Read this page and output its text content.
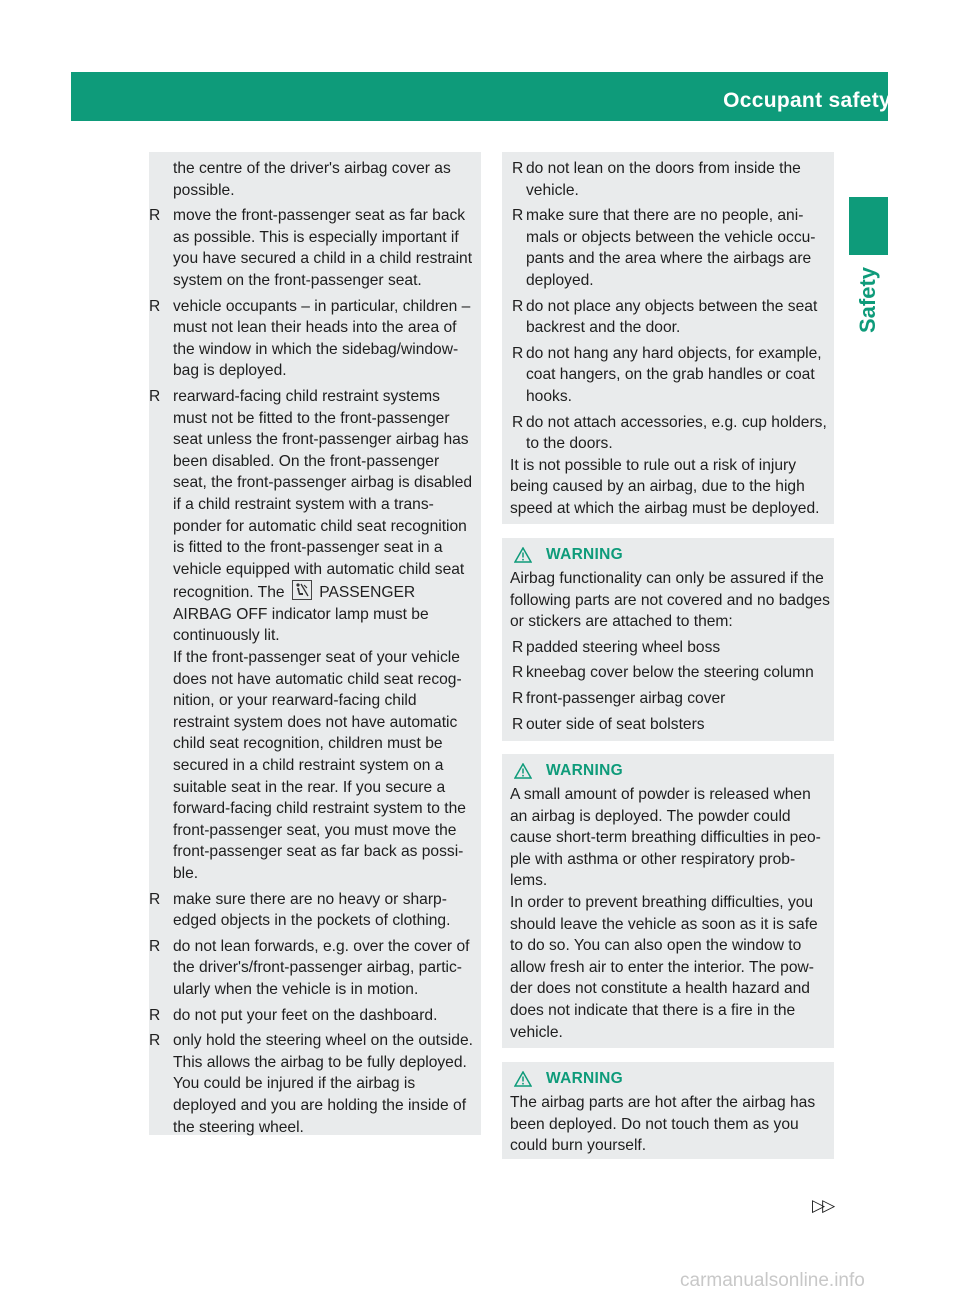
Occupant safety 43
Safety

the centre of the driver's airbag cover as

possible.

R move the front-passenger seat as far back as possible. This is especially important if you have secured a child in a child restraint system on the front-passenger seat.
R vehicle occupants – in particular, children – must not lean their heads into the area of the window in which the sidebag/window-bag is deployed.
R rearward-facing child restraint systems must not be fitted to the front-passenger seat unless the front-passenger airbag has been disabled. On the front-passenger seat, the front-passenger airbag is disabled if a child restraint system with a trans-ponder for automatic child seat recognition is fitted to the front-passenger seat in a vehicle equipped with automatic child seat recognition. The PASSENGER AIRBAG OFF indicator lamp must be continuously lit.

If the front-passenger seat of your vehicle does not have automatic child seat recog-nition, or your rearward-facing child restraint system does not have automatic child seat recognition, children must be secured in a child restraint system on a suitable seat in the rear. If you secure a forward-facing child restraint system to the front-passenger seat, you must move the front-passenger seat as far back as possi-ble.

R make sure there are no heavy or sharp-edged objects in the pockets of clothing.
R do not lean forwards, e.g. over the cover of the driver's/front-passenger airbag, partic-ularly when the vehicle is in motion.
R do not put your feet on the dashboard.
R only hold the steering wheel on the outside. This allows the airbag to be fully deployed. You could be injured if the airbag is deployed and you are holding the inside of the steering wheel.
R do not lean on the doors from inside the vehicle.
R make sure that there are no people, ani-mals or objects between the vehicle occu-pants and the area where the airbags are deployed.
R do not place any objects between the seat backrest and the door.
R do not hang any hard objects, for example, coat hangers, on the grab handles or coat hooks.
R do not attach accessories, e.g. cup holders, to the doors.

It is not possible to rule out a risk of injury being caused by an airbag, due to the high speed at which the airbag must be deployed.

WARNING

Airbag functionality can only be assured if the following parts are not covered and no badges or stickers are attached to them:

R padded steering wheel boss
R kneebag cover below the steering column
R front-passenger airbag cover
R outer side of seat bolsters
WARNING

A small amount of powder is released when an airbag is deployed. The powder could cause short-term breathing difficulties in peo-ple with asthma or other respiratory prob-lems.

In order to prevent breathing difficulties, you should leave the vehicle as soon as it is safe to do so. You can also open the window to allow fresh air to enter the interior. The pow-der does not constitute a health hazard and does not indicate that there is a fire in the vehicle.

WARNING

The airbag parts are hot after the airbag has been deployed. Do not touch them as you could burn yourself.

▷▷
carmanualsonline.info
